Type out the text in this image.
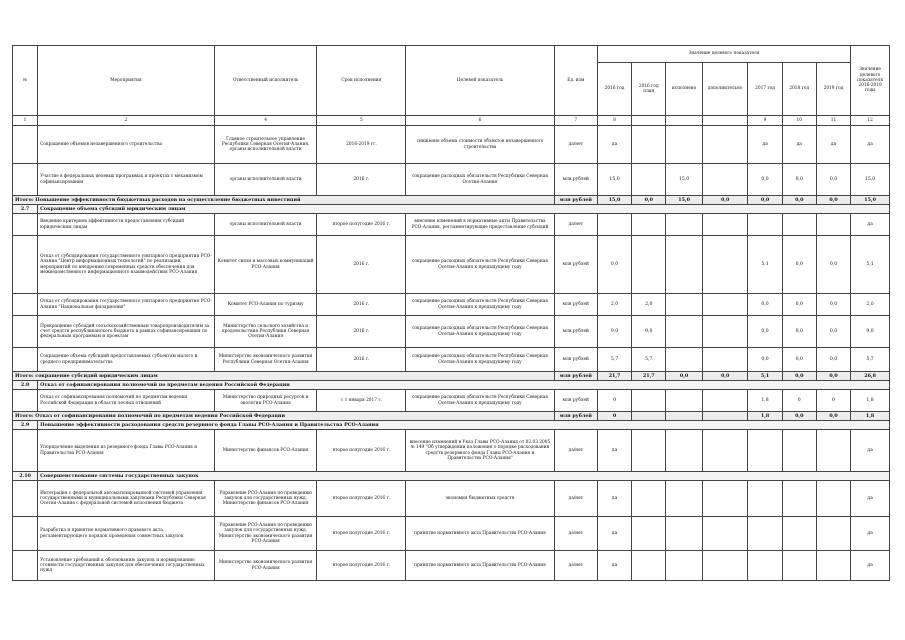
№	Мероприятия	Ответственный исполнитель	Срок исполнения	Целевой показатель	Ед. изм	Значение целевого показателя							Значение целевого показателя 2016-2019 годы
						2016 год	2016 год план	исполнено	дополнительно	2017 год	2018 год	2019 год	
1	2	4	5	6	7	8				9	10	11	12
	Сокращение объемов незавершенного строительства	Главное строительное управление Республики Северная Осетия-Алания, органы исполнительной власти	2016-2019 гг.	снижение объема стоимости объектов незавершенного строительства	да/нет	да				да	да	да	да
	Участие в федеральных целевых программах и проектах с механизмом софинансирования	органы исполнительной власти	2016 г.	сокращение расходных обязательств Республики Северная Осетия-Алания	млн рублей	15,0		15,0		0,0	0,0	0,0	15,0
Итого: Повышение эффективности бюджетных расходов на осуществление бюджетных инвестиций					млн рублей	15,0	0,0	15,0	0,0	0,0	0,0	0,0	15,0
2.7	Сокращение объема субсидий юридическим лицам												
	Введение критериев эффективности предоставления субсидий юридическим лицам	органы исполнительной власти	второе полугодие 2016 г.	внесение изменений в нормативные акты Правительства РСО-Алания, регламентирующие предоставление субсидий	да/нет								да
	Отказ от субсидирования государственного унитарного предприятия РСО-Алания "Центр информационных технологий" по реализации мероприятий по внедрению современных средств обеспечения для межведомственного информационного взаимодействия РСО-Алания	Комитет связи и массовых коммуникаций РСО-Алания	2016 г.	сокращение расходных обязательств Республики Северная Осетия-Алания к предыдущему году	млн рублей	0,0				5,1	0,0	0,0	5,1
	Отказ от субсидирования государственного унитарного предприятия РСО-Алания "Национальная филармония"	Комитет РСО-Алания по туризму	2016 г.	сокращение расходных обязательств Республики Северная Осетия-Алания к предыдущему году	млн рублей	2,0	2,0			0,0	0,0	0,0	2,0
	Прекращение субсидий сельскохозяйственным товаропроизводителям за счет средств республиканского бюджета в рамках софинансирования по федеральным программам и проектам	Министерство сельского хозяйства и продовольствия Республики Северная Осетия-Алания	2016 г.	сокращение расходных обязательств Республики Северная Осетия-Алания к предыдущему году	млн рублей	9,0	9,0			0,0	0,0	0,0	9,0
	Сокращение объема субсидий предоставляемых субъектам малого и среднего предпринимательства	Министерство экономического развития Республики Северная Осетия-Алания	2016 г.	сокращение расходных обязательств Республики Северная Осетия-Алания к предыдущему году	млн рублей	5,7	5,7			0,0	0,0	0,0	5,7
Итого: сокращение субсидий юридическим лицам					млн рублей	21,7	21,7	0,0	0,0	5,1	0,0	0,0	26,8
2.8	Отказ от софинансирования полномочий по предметам ведения Российской Федерации												
	Отказ от софинансирования полномочий по предметам ведения Российской Федерации в области лесных отношений	Министерство природных ресурсов и экологии РСО-Алания	с 1 января 2017 г.	сокращение расходных обязательств Республики Северная Осетия-Алания к предыдущему году	млн рублей	0				1,8	0	0	1,8
Итого: Отказ от софинансирования полномочий по предметам ведения Российской Федерации					млн рублей	0				1,8	0,0	0,0	1,8
2.9	Повышение эффективности расходования средств резервного фонда Главы РСО-Алания и Правительства РСО-Алания												
	Упорядочение выделения из резервного фонда Главы РСО-Алания и Правительства РСО-Алания	Министерство финансов РСО-Алания	второе полугодие 2016 г.	внесение изменений в Указ Главы РСО-Алания от 02.03.2005 № 149 "Об утверждении положения о порядке расходования средств резервного фонда Главы РСО-Алания и Правительства РСО-Алания"	да/нет	да							да
2.10	Совершенствование системы государственных закупок												
	Интеграция с федеральной автоматизированной системой управления государственными и муниципальными закупками Республики Северная Осетия-Алания с федеральной системой исполнения бюджета	Управление РСО-Алания по проведению закупок для государственных нужд, Министерство финансов РСО-Алания	второе полугодие 2016 г.	экономия бюджетных средств	да/нет	да							да
	Разработка и принятие нормативного правового акта, регламентирующего порядок проведения совместных закупок	Управление РСО-Алания по проведению закупок для государственных нужд, Министерство экономического развития РСО-Алания	второе полугодие 2016 г.	принятие нормативного акта Правительства РСО-Алания	да/нет	да							да
	Установление требований к обоснованию закупок и нормированию стоимости государственных закупок для обеспечения государственных нужд	Министерство экономического развития РСО-Алания	второе полугодие 2016 г.	принятие нормативного акта Правительства РСО-Алания	да/нет	да							да
